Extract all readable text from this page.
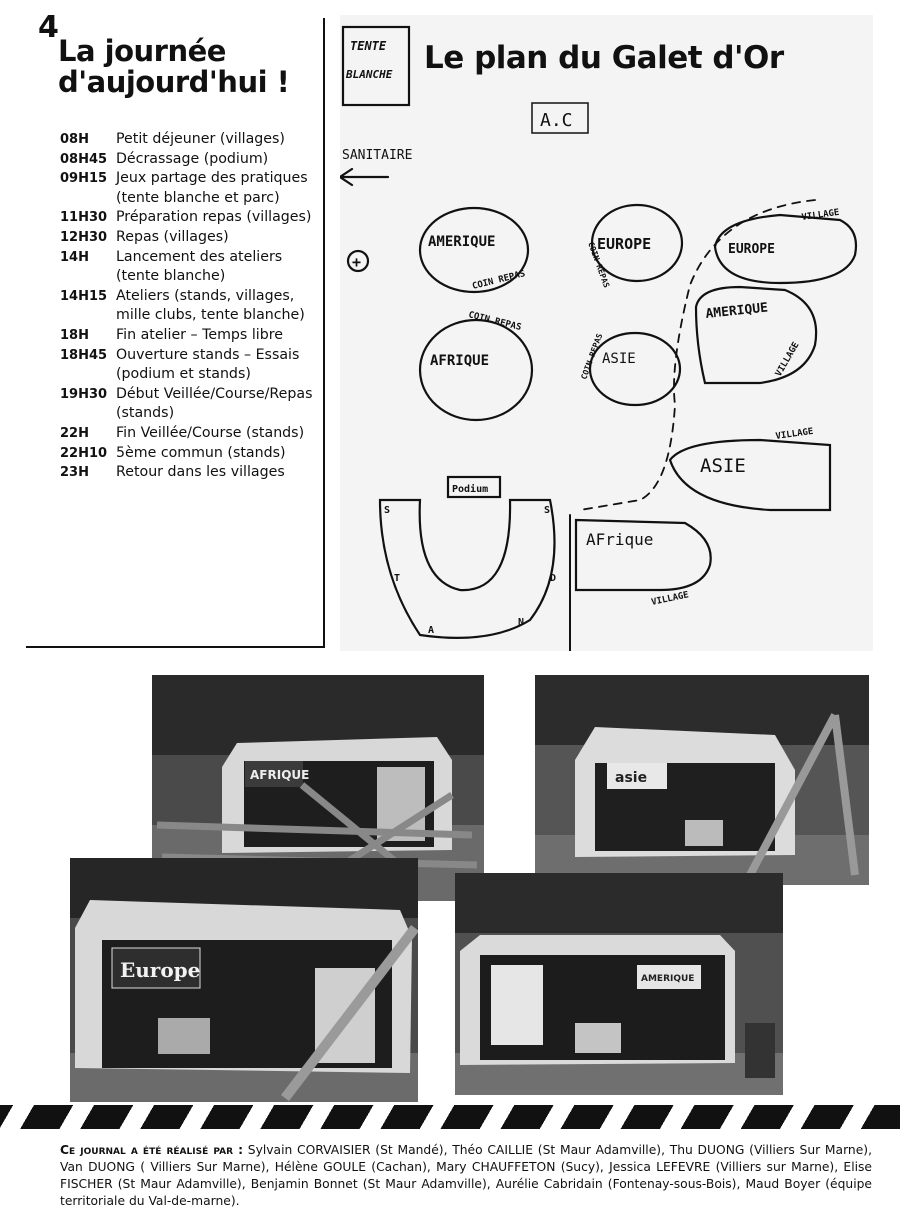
4
La journée
d'aujourd'hui !
08H	Petit déjeuner (villages)
08H45 Décrassage (podium)
09H15 Jeux partage des pratiques (tente blanche et parc)
11H30 Préparation repas (villages)
12H30 Repas (villages)
14H	Lancement des ateliers (tente blanche)
14H15 Ateliers (stands, villages, mille clubs, tente blanche)
18H	Fin atelier – Temps libre
18H45 Ouverture stands – Essais (podium et stands)
19H30 Début Veillée/Course/Repas (stands)
22H	Fin Veillée/Course (stands)
22H10 5ème commun (stands)
23H	Retour dans les villages
TENTE
BLANCHE
A.C
SANITAIRE
+
AMERIQUE
COIN REPAS
EUROPE
COIN REPAS
AFRIQUE
COIN REPAS
ASIE
COIN REPAS
VILLAGE
EUROPE
AMERIQUE
VILLAGE
VILLAGE
ASIE
Podium
S
T
A
N
D
S
AFrique
VILLAGE
Le plan du Galet d'Or
AFRIQUE	asie
Europe	AMERIQUE
Ce journal a été réalisé par : Sylvain CORVAISIER (St Mandé), Théo CAILLIE (St Maur Adamville), Thu DUONG (Villiers Sur Marne), Van DUONG ( Villiers Sur Marne), Hélène GOULE (Cachan), Mary CHAUFFETON (Sucy), Jessica LEFEVRE (Villiers sur Marne), Elise FISCHER (St Maur Adamville), Benjamin Bonnet (St Maur Adamville), Aurélie Cabridain (Fontenay-sous-Bois), Maud Boyer (équipe territoriale du Val-de-marne).
